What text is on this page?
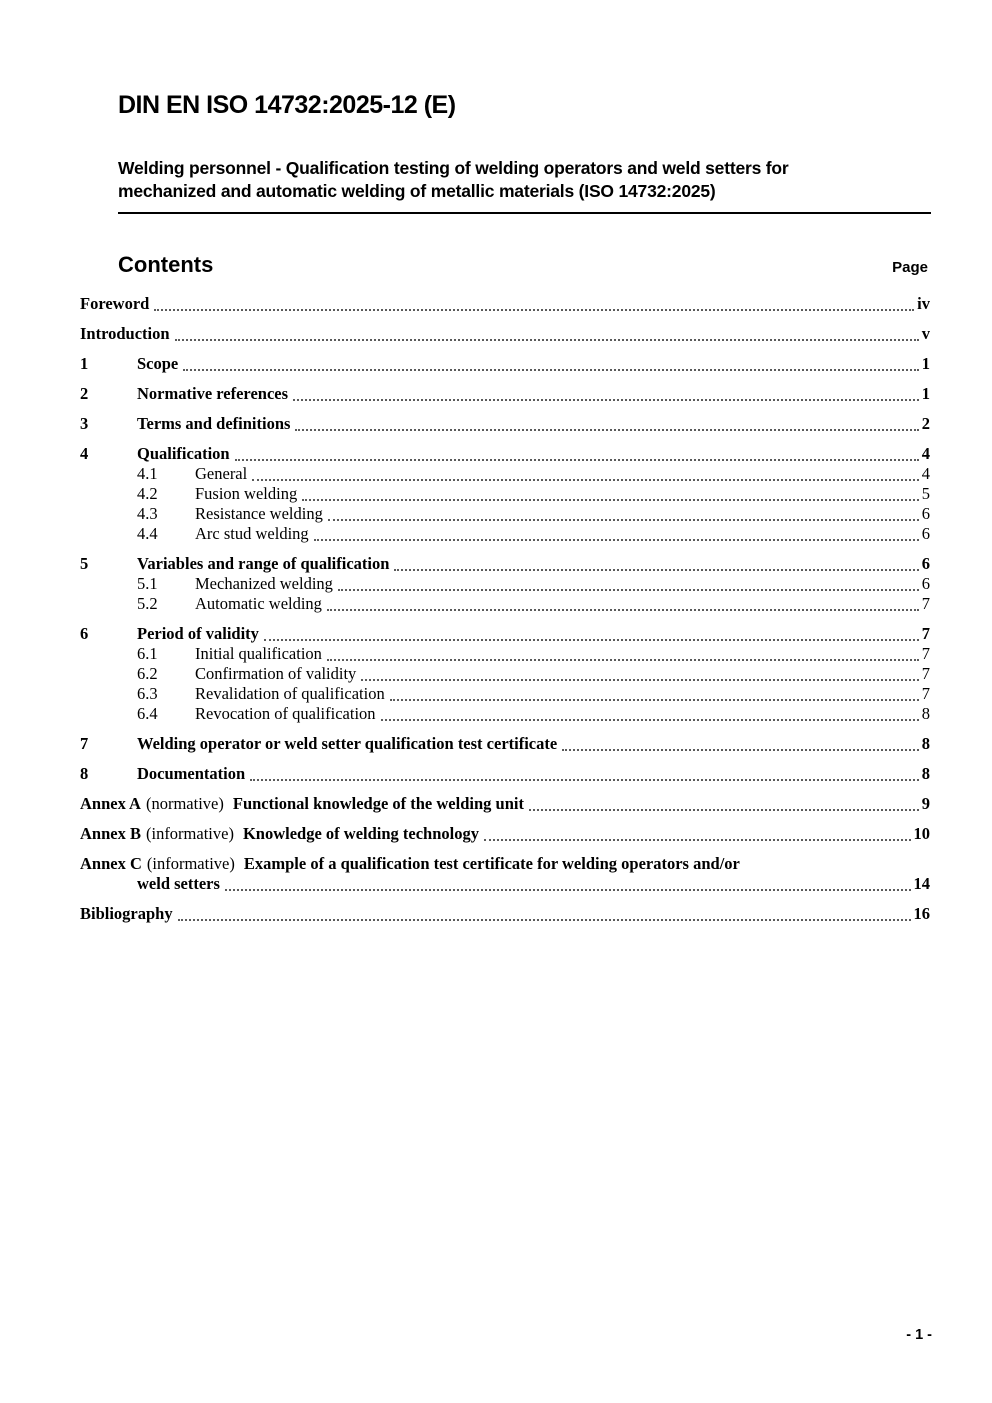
DIN EN ISO 14732:2025-12 (E)
Welding personnel - Qualification testing of welding operators and weld setters for
mechanized and automatic welding of metallic materials (ISO 14732:2025)
Contents	Page
Foreword	iv
Introduction	v
1	Scope	1
2	Normative references	1
3	Terms and definitions	2
4	Qualification	4
4.1	General	4
4.2	Fusion welding	5
4.3	Resistance welding	6
4.4	Arc stud welding	6
5	Variables and range of qualification	6
5.1	Mechanized welding	6
5.2	Automatic welding	7
6	Period of validity	7
6.1	Initial qualification	7
6.2	Confirmation of validity	7
6.3	Revalidation of qualification	7
6.4	Revocation of qualification	8
7	Welding operator or weld setter qualification test certificate	8
8	Documentation	8
Annex A (normative) Functional knowledge of the welding unit	9
Annex B (informative) Knowledge of welding technology	10
Annex C (informative) Example of a qualification test certificate for welding operators and/or
weld setters	14
Bibliography	16
- 1 -
